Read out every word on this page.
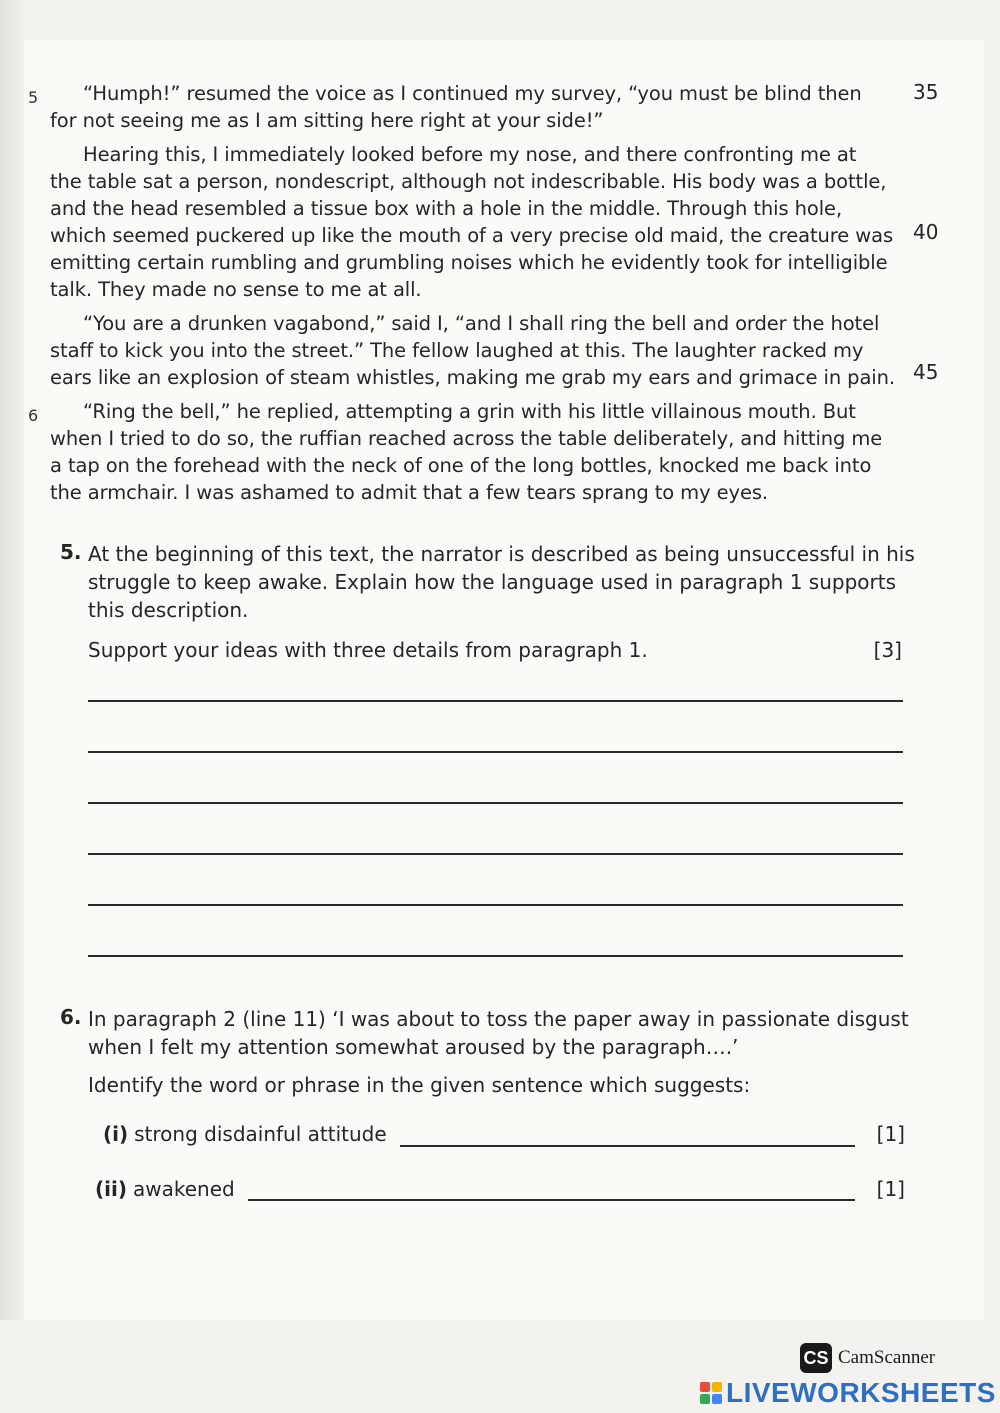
5	“Humph!” resumed the voice as I continued my survey, “you must be blind then
for not seeing me as I am sitting here right at your side!”
Hearing this, I immediately looked before my nose, and there confronting me at
the table sat a person, nondescript, although not indescribable. His body was a bottle,
and the head resembled a tissue box with a hole in the middle. Through this hole,
which seemed puckered up like the mouth of a very precise old maid, the creature was
emitting certain rumbling and grumbling noises which he evidently took for intelligible
talk. They made no sense to me at all.
“You are a drunken vagabond,” said I, “and I shall ring the bell and order the hotel
staff to kick you into the street.” The fellow laughed at this. The laughter racked my
ears like an explosion of steam whistles, making me grab my ears and grimace in pain.
6	“Ring the bell,” he replied, attempting a grin with his little villainous mouth. But
when I tried to do so, the ruffian reached across the table deliberately, and hitting me
a tap on the forehead with the neck of one of the long bottles, knocked me back into
the armchair. I was ashamed to admit that a few tears sprang to my eyes.
35
40
45
5. At the beginning of this text, the narrator is described as being unsuccessful in his
struggle to keep awake. Explain how the language used in paragraph 1 supports
this description.
Support your ideas with three details from paragraph 1.	[3]
6. In paragraph 2 (line 11) ‘I was about to toss the paper away in passionate disgust
when I felt my attention somewhat aroused by the paragraph….’
Identify the word or phrase in the given sentence which suggests:
(i) strong disdainful attitude	[1]
(ii) awakened	[1]
CS CamScanner
LIVEWORKSHEETS
